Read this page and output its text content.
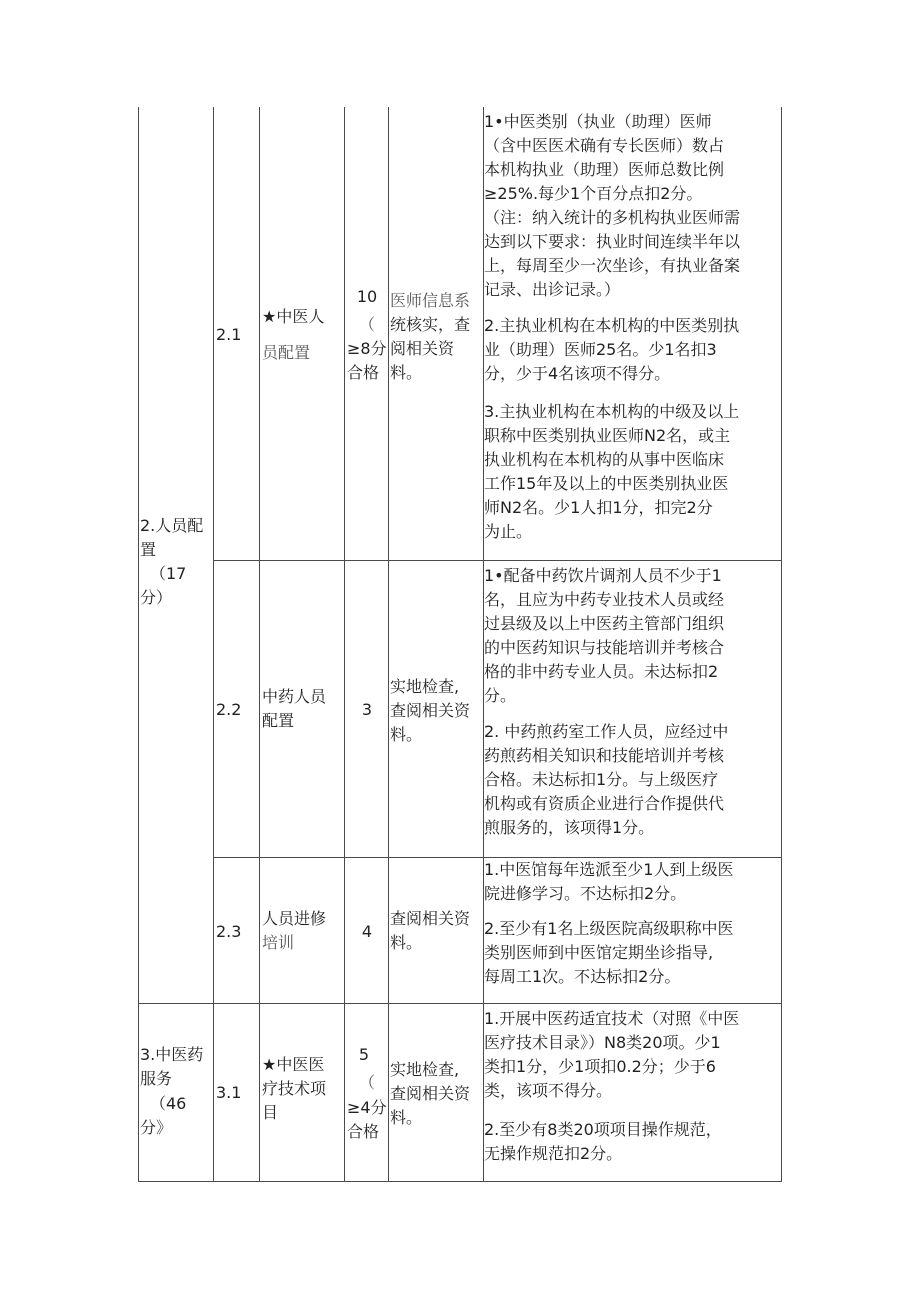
2.人员配
置
（17
分）
2.1
★中医人
员配置
10
（
≥8分
合格
医师信息系
统核实，查
阅相关资
料。
1•中医类别（执业（助理）医师
（含中医医术确有专长医师）数占
本机构执业（助理）医师总数比例
≥25%.每少1个百分点扣2分。
（注：纳入统计的多机构执业医师需
达到以下要求：执业时间连续半年以
上，每周至少一次坐诊，有执业备案
记录、出诊记录。）
2.主执业机构在本机构的中医类别执
业（助理）医师25名。少1名扣3
分，少于4名该项不得分。
3.主执业机构在本机构的中级及以上
职称中医类别执业医师N2名，或主
执业机构在本机构的从事中医临床
工作15年及以上的中医类别执业医
师N2名。少1人扣1分，扣完2分
为止。
2.2
中药人员
配置
3
实地检查,
查阅相关资
料。
1•配备中药饮片调剂人员不少于1
名，且应为中药专业技术人员或经
过县级及以上中医药主管部门组织
的中医药知识与技能培训并考核合
格的非中药专业人员。未达标扣2
分。
2. 中药煎药室工作人员，应经过中
药煎药相关知识和技能培训并考核
合格。未达标扣1分。与上级医疗
机构或有资质企业进行合作提供代
煎服务的，该项得1分。
2.3
人员进修
培训
4
查阅相关资
料。
1.中医馆每年选派至少1人到上级医
院进修学习。不达标扣2分。
2.至少有1名上级医院高级职称中医
类别医师到中医馆定期坐诊指导,
每周工1次。不达标扣2分。
3.中医药
服务
（46
分》
3.1
★中医医
疗技术项
目
5
（
≥4分
合格
实地检查,
查阅相关资
料。
1.开展中医药适宜技术（对照《中医
医疗技术目录》）N8类20项。少1
类扣1分，少1项扣0.2分；少于6
类，该项不得分。
2.至少有8类20项项目操作规范，
无操作规范扣2分。
